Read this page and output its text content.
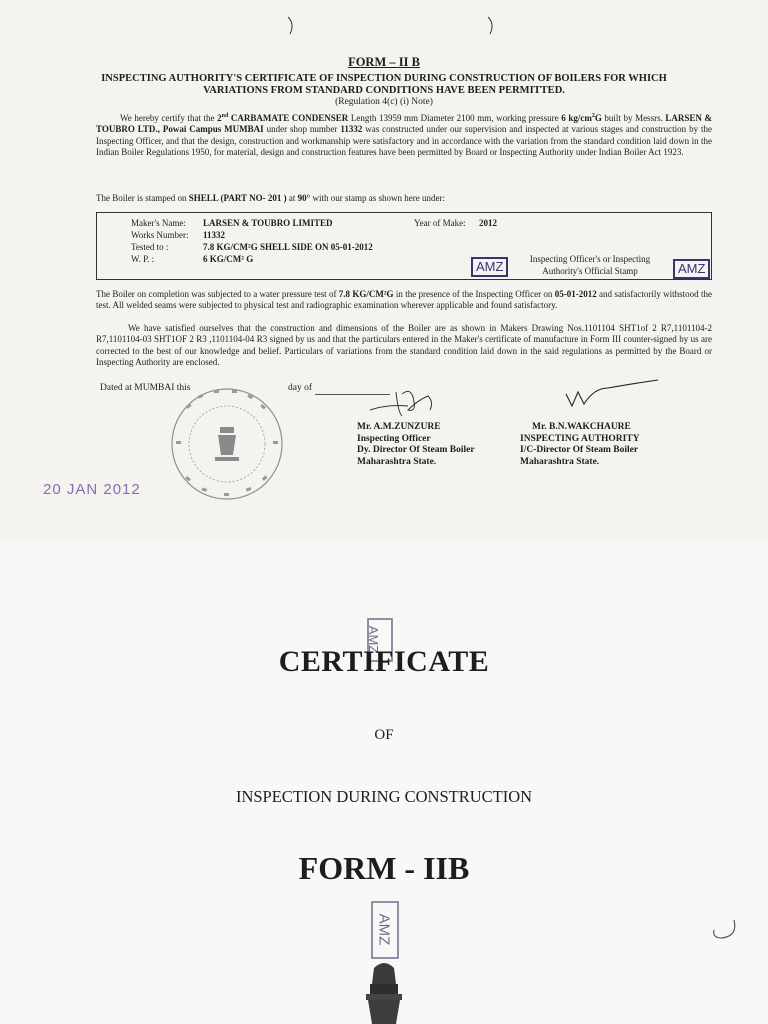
FORM – II B
INSPECTING AUTHORITY'S CERTIFICATE OF INSPECTION DURING CONSTRUCTION OF BOILERS FOR WHICH
VARIATIONS FROM STANDARD CONDITIONS HAVE BEEN PERMITTED.
(Regulation 4(c) (i) Note)
We hereby certify that the 2nd CARBAMATE CONDENSER Length 13959 mm Diameter 2100 mm, working pressure 6 $kg/cm^2G$ built by Messrs. LARSEN & TOUBRO LTD., Powai Campus MUMBAI under shop number 11332 was constructed under our supervision and inspected at various stages and construction by the Inspecting Officer, and that the design, construction and workmanship were satisfactory and in accordance with the variation from the standard condition laid down in the Indian Boiler Regulations 1950, for material, design and construction features have been permitted by Board or Inspecting Authority under Indian Boiler Act 1923.
The Boiler is stamped on SHELL (PART NO- 201 ) at 90° with our stamp as shown here under:
Maker's Name: LARSEN & TOUBRO LIMITED	Year of Make: 2012
Works Number: 11332
Tested to :	7.8 KG/CM²G SHELL SIDE ON 05-01-2012
W. P. :	6 KG/CM² G	AMZ	Inspecting Officer's or Inspecting
Authority's Official Stamp	AMZ
The Boiler on completion was subjected to a water pressure test of 7.8 KG/CM²G in the presence of the Inspecting Officer on 05-01-2012 and satisfactorily withstood the test. All welded seams were subjected to physical test and radiographic examination wherever applicable and found satisfactory.
We have satisfied ourselves that the construction and dimensions of the Boiler are as shown in Makers Drawing Nos.1101104 SHT1of 2 R7,1101104-2 R7,1101104-03 SHT1OF 2 R3 ,1101104-04 R3 signed by us and that the particulars entered in the Maker's certificate of manufacture in Form III counter-signed by us are corrected to the best of our knowledge and belief. Particulars of variations from the standard condition laid down in the said regulations as permitted by the Board or Inspecting Authority are enclosed.
Dated at MUMBAI this	day of
Mr. A.M.ZUNZURE
Inspecting Officer
Dy. Director Of Steam Boiler
Maharashtra State.
Mr. B.N.WAKCHAURE
INSPECTING AUTHORITY
I/C-Director Of Steam Boiler
Maharashtra State.
20 JAN 2012
AMZ
CERTIFICATE
OF
INSPECTION DURING CONSTRUCTION
FORM - IIB
AMZ
